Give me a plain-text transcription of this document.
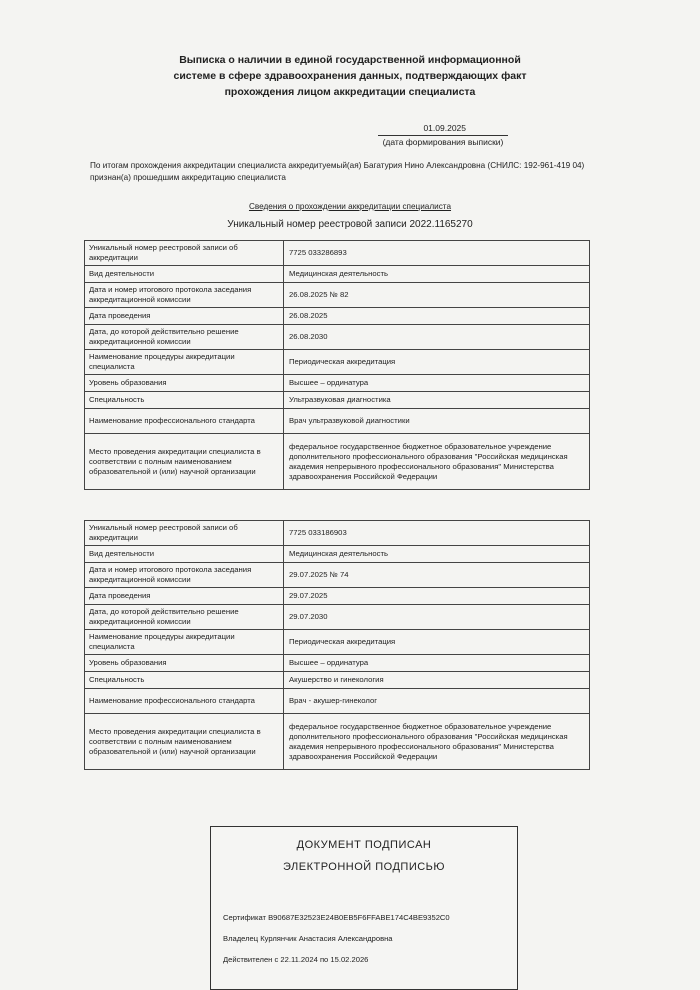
Выписка о наличии в единой государственной информационной
системе в сфере здравоохранения данных, подтверждающих факт
прохождения лицом аккредитации специалиста
01.09.2025
(дата формирования выписки)
По итогам прохождения аккредитации специалиста аккредитуемый(ая) Багатурия Нино Александровна (СНИЛС: 192-961-419 04) признан(а) прошедшим аккредитацию специалиста
Сведения о прохождении аккредитации специалиста
Уникальный номер реестровой записи 2022.1165270
Уникальный номер реестровой записи об аккредитации	7725 033286893
Вид деятельности	Медицинская деятельность
Дата и номер итогового протокола заседания аккредитационной комиссии	26.08.2025 № 82
Дата проведения	26.08.2025
Дата, до которой действительно решение аккредитационной комиссии	26.08.2030
Наименование процедуры аккредитации специалиста	Периодическая аккредитация
Уровень образования	Высшее – ординатура
Специальность	Ультразвуковая диагностика
Наименование профессионального стандарта	Врач ультразвуковой диагностики
Место проведения аккредитации специалиста в соответствии с полным наименованием образовательной и (или) научной организации	федеральное государственное бюджетное образовательное учреждение дополнительного профессионального образования "Российская медицинская академия непрерывного профессионального образования" Министерства здравоохранения Российской Федерации
Уникальный номер реестровой записи об аккредитации	7725 033186903
Вид деятельности	Медицинская деятельность
Дата и номер итогового протокола заседания аккредитационной комиссии	29.07.2025 № 74
Дата проведения	29.07.2025
Дата, до которой действительно решение аккредитационной комиссии	29.07.2030
Наименование процедуры аккредитации специалиста	Периодическая аккредитация
Уровень образования	Высшее – ординатура
Специальность	Акушерство и гинекология
Наименование профессионального стандарта	Врач - акушер-гинеколог
Место проведения аккредитации специалиста в соответствии с полным наименованием образовательной и (или) научной организации	федеральное государственное бюджетное образовательное учреждение дополнительного профессионального образования "Российская медицинская академия непрерывного профессионального образования" Министерства здравоохранения Российской Федерации
ДОКУМЕНТ ПОДПИСАН
ЭЛЕКТРОННОЙ ПОДПИСЬЮ
Сертификат B90687E32523E24B0EB5F6FFABE174C4BE9352C0
Владелец Курлянчик Анастасия Александровна
Действителен с 22.11.2024 по 15.02.2026
